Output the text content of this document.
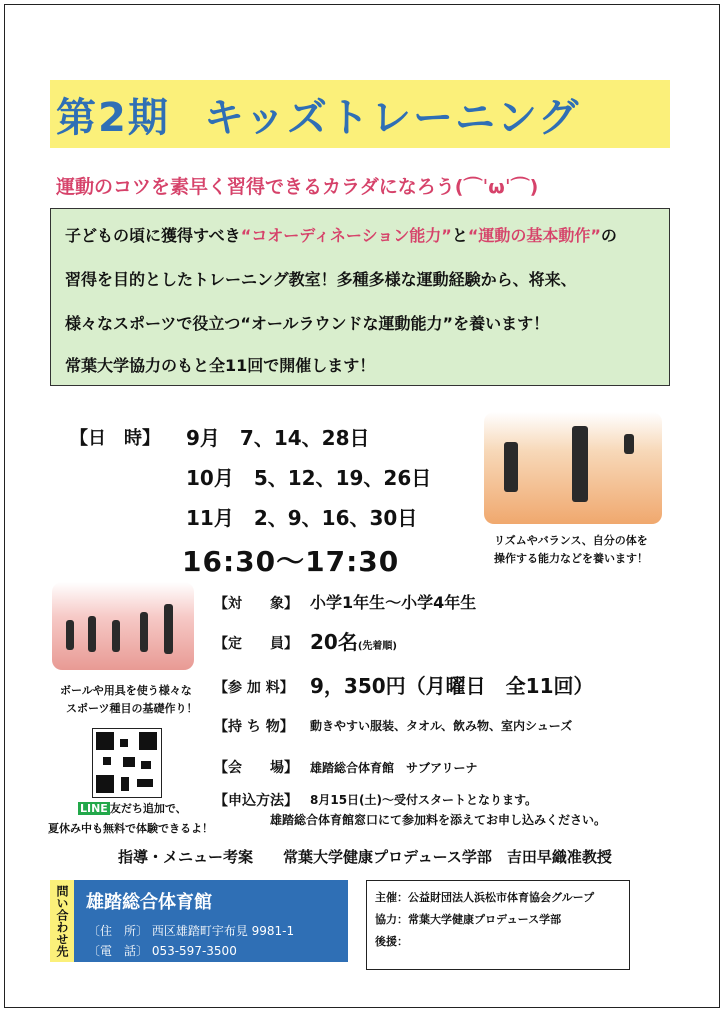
第2期 キッズトレーニング
運動のコツを素早く習得できるカラダになろう(⌒ˈωˈ⌒)

子どもの頃に獲得すべき“コオーディネーション能力”と“運動の基本動作”の

習得を目的としたトレーニング教室！多種多様な運動経験から、将来、

様々なスポーツで役立つ“オールラウンドな運動能力”を養います！

常葉大学協力のもと全11回で開催します！

【日　時】 9月　7、14、28日
10月　5、12、19、26日
11月　2、9、16、30日
16:30～17:30
リズムやバランス、自分の体を
操作する能力などを養います！
ボールや用具を使う様々な
スポーツ種目の基礎作り！
【対　　象】 小学1年生～小学4年生
【定　　員】 20名(先着順)
【参 加 料】 9，350円（月曜日　全11回）
【持 ち 物】 動きやすい服装、タオル、飲み物、室内シューズ
【会　　場】 雄踏総合体育館　サブアリーナ
【申込方法】 8月15日(土)～受付スタートとなります。
雄踏総合体育館窓口にて参加料を添えてお申し込みください。
LINE 友だち追加で、
夏休み中も無料で体験できるよ！
指導・メニュー考案　　 常葉大学健康プロデュース学部　吉田早織准教授
問い合わせ先 雄踏総合体育館
〔住　所〕 西区雄踏町宇布見 9981-1
〔電　話〕 053-597-3500
主催：公益財団法人浜松市体育協会グループ
協力：常葉大学健康プロデュース学部
後援：
